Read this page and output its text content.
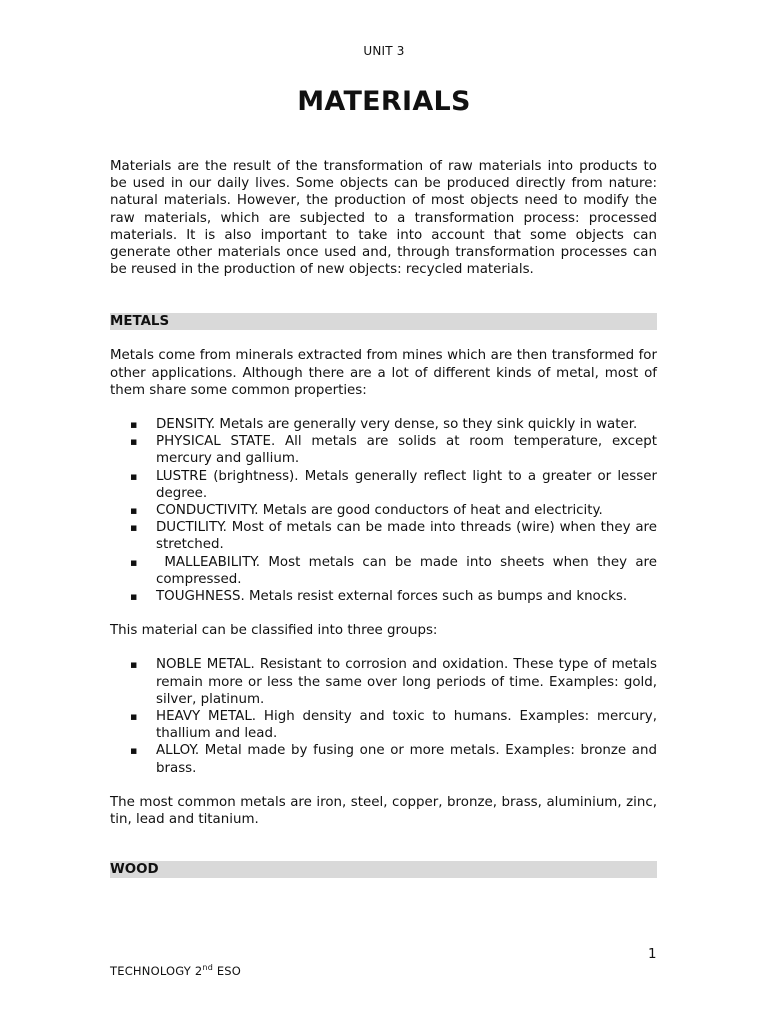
UNIT 3
MATERIALS

Materials are the result of the transformation of raw materials into products to be used in our daily lives. Some objects can be produced directly from nature: natural materials. However, the production of most objects need to modify the raw materials, which are subjected to a transformation process: processed materials. It is also important to take into account that some objects can generate other materials once used and, through transformation processes can be reused in the production of new objects: recycled materials.

METALS

Metals come from minerals extracted from mines which are then transformed for other applications. Although there are a lot of different kinds of metal, most of them share some common properties:

▪ DENSITY. Metals are generally very dense, so they sink quickly in water.
▪ PHYSICAL STATE. All metals are solids at room temperature, except mercury and gallium.
▪ LUSTRE (brightness). Metals generally reflect light to a greater or lesser degree.
▪ CONDUCTIVITY. Metals are good conductors of heat and electricity.
▪ DUCTILITY. Most of metals can be made into threads (wire) when they are stretched.
▪  MALLEABILITY. Most metals can be made into sheets when they are compressed.
▪ TOUGHNESS. Metals resist external forces such as bumps and knocks.

This material can be classified into three groups:

▪ NOBLE METAL. Resistant to corrosion and oxidation. These type of metals remain more or less the same over long periods of time. Examples: gold, silver, platinum.
▪ HEAVY METAL. High density and toxic to humans. Examples: mercury, thallium and lead.
▪ ALLOY. Metal made by fusing one or more metals. Examples: bronze and brass.

The most common metals are iron, steel, copper, bronze, brass, aluminium, zinc, tin, lead and titanium.

WOOD
1
TECHNOLOGY 2nd ESO
